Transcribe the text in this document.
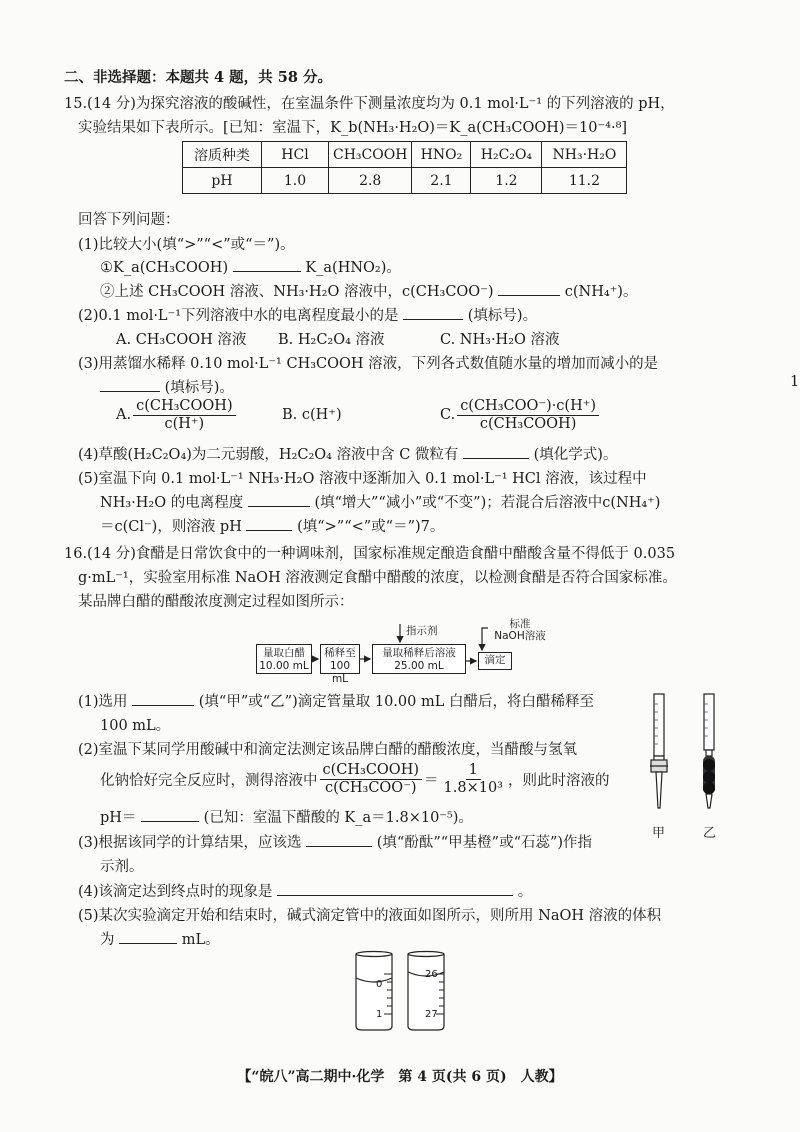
二、非选择题：本题共 4 题，共 58 分。
15.(14 分)为探究溶液的酸碱性，在室温条件下测量浓度均为 0.1 mol·L⁻¹ 的下列溶液的 pH，
实验结果如下表所示。[已知：室温下，K_b(NH₃·H₂O)＝K_a(CH₃COOH)＝10⁻⁴·⁸]
溶质种类	HCl	CH₃COOH	HNO₂	H₂C₂O₄	NH₃·H₂O
pH	1.0	2.8	2.1	1.2	11.2
回答下列问题：
(1)比较大小(填“>”“<”或“＝”)。
①K_a(CH₃COOH)	K_a(HNO₂)。
②上述 CH₃COOH 溶液、NH₃·H₂O 溶液中，c(CH₃COO⁻)	c(NH₄⁺)。
(2)0.1 mol·L⁻¹下列溶液中水的电离程度最小的是	(填标号)。
A. CH₃COOH 溶液 B. H₂C₂O₄ 溶液	C. NH₃·H₂O 溶液
(3)用蒸馏水稀释 0.10 mol·L⁻¹ CH₃COOH 溶液，下列各式数值随水量的增加而减小的是
(填标号)。
A. $\frac{\text{c(CH₃COOH)}}{c(H^+)}$	B. c(H⁺)	C. $\frac{\text{c(CH₃COO⁻)·c(H⁺)}}{\text{c(CH₃COOH)}}$
(4)草酸(H₂C₂O₄)为二元弱酸，H₂C₂O₄ 溶液中含 C 微粒有	(填化学式)。
(5)室温下向 0.1 mol·L⁻¹ NH₃·H₂O 溶液中逐渐加入 0.1 mol·L⁻¹ HCl 溶液，该过程中
NH₃·H₂O 的电离程度	(填“增大”“减小”或“不变”)；若混合后溶液中c(NH₄⁺)
＝c(Cl⁻)，则溶液 pH	(填“>”“<”或“＝”)7。
16.(14 分)食醋是日常饮食中的一种调味剂，国家标准规定酿造食醋中醋酸含量不得低于 0.035
g·mL⁻¹，实验室用标准 NaOH 溶液测定食醋中醋酸的浓度，以检测食醋是否符合国家标准。
某品牌白醋的醋酸浓度测定过程如图所示：
量取白醋
10.00 mL
稀释至
100 mL
量取稀释后溶液
25.00 mL	滴定
指示剂
标准
NaOH溶液
(1)选用	(填“甲”或“乙”)滴定管量取 10.00 mL 白醋后，将白醋稀释至
100 mL。
(2)室温下某同学用酸碱中和滴定法测定该品牌白醋的醋酸浓度，当醋酸与氢氧
化钠恰好完全反应时，测得溶液中 $\frac{\text{c(CH₃COOH)}}{\text{c(CH₃COO⁻)}} = \frac{1}{\text{1.8×10³}}$ ，则此时溶液的
pH＝	(已知：室温下醋酸的 K_a＝1.8×10⁻⁵)。
(3)根据该同学的计算结果，应该选	(填“酚酞”“甲基橙”或“石蕊”)作指
示剂。
(4)该滴定达到终点时的现象是	。
(5)某次实验滴定开始和结束时，碱式滴定管中的液面如图所示，则所用 NaOH 溶液的体积
为	mL。
甲	乙
0
1
26
27
1
【“皖八”高二期中·化学　第 4 页(共 6 页)　人教】
